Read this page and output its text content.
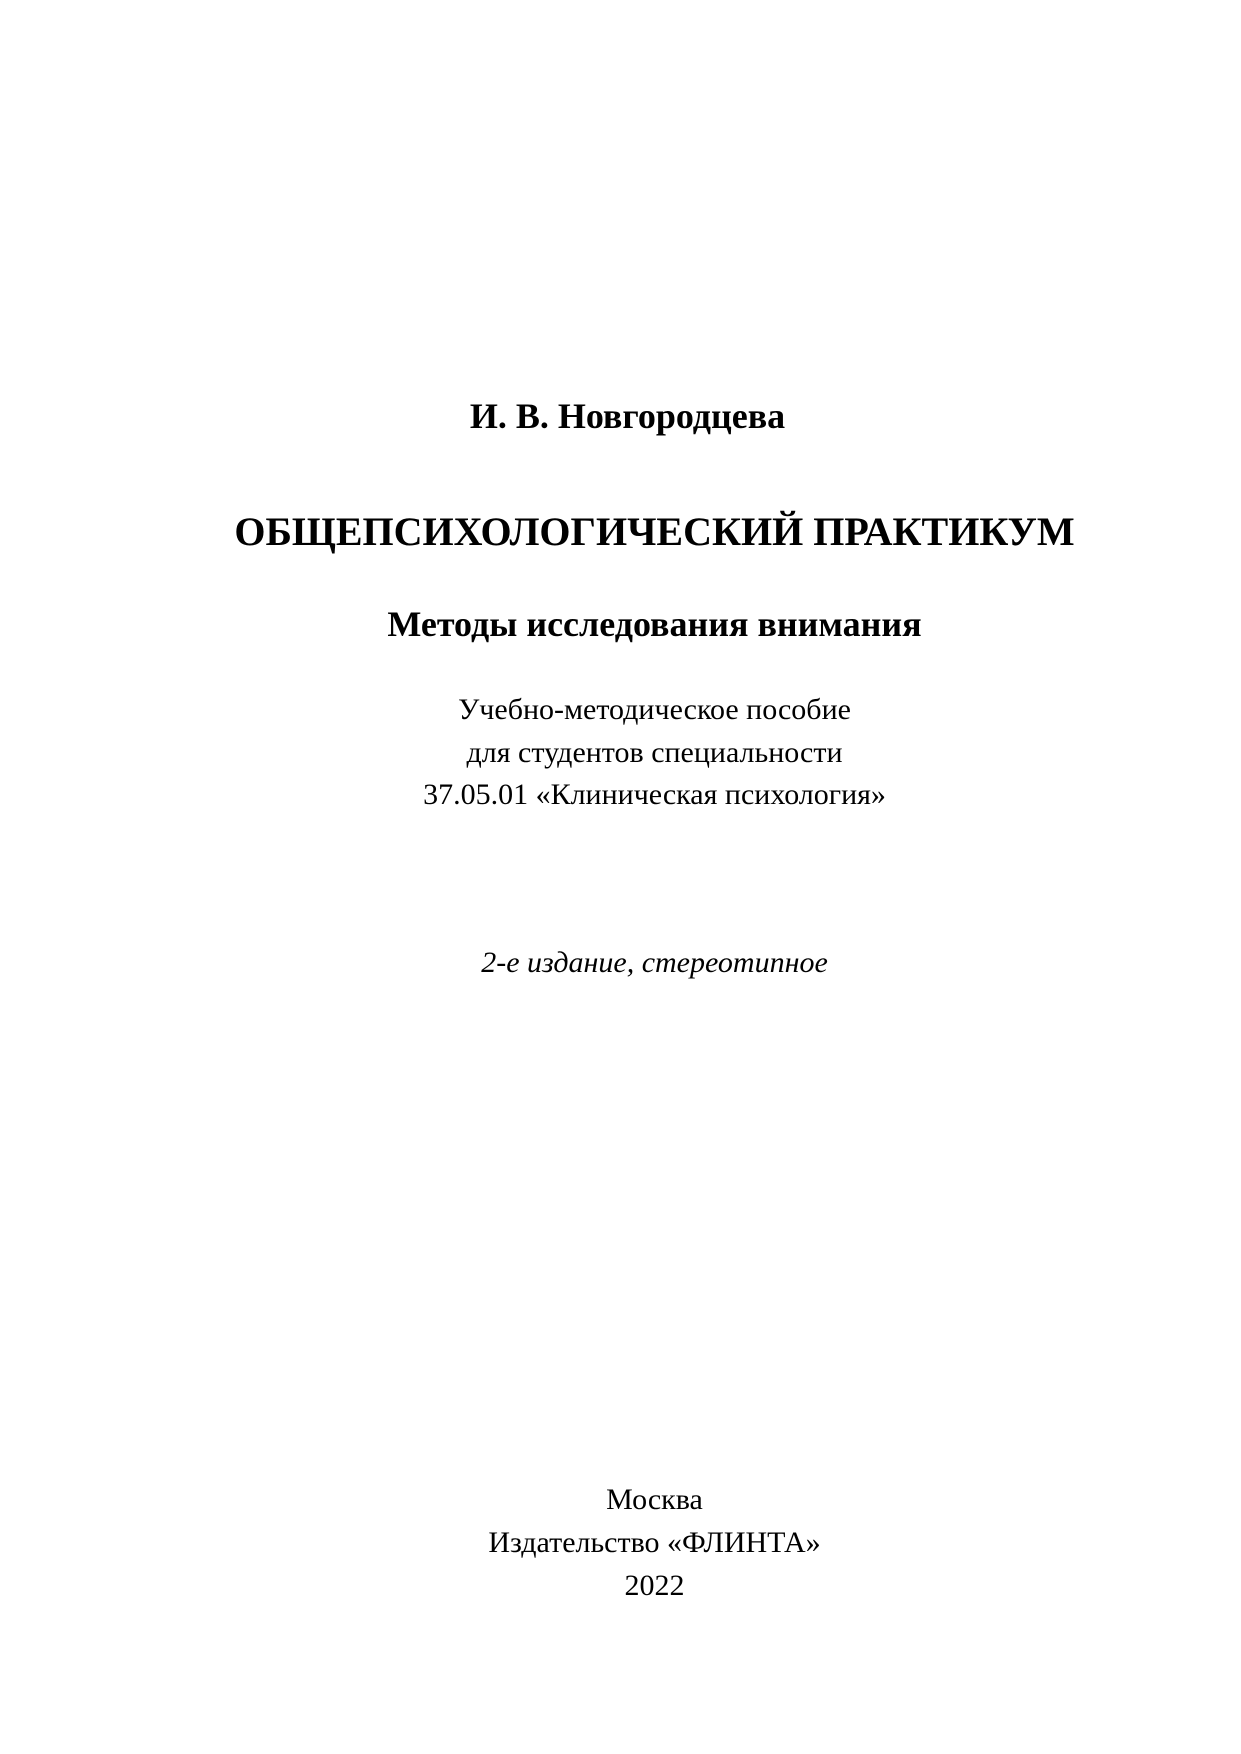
И. В. Новгородцева
ОБЩЕПСИХОЛОГИЧЕСКИЙ ПРАКТИКУМ
Методы исследования внимания
Учебно-методическое пособие
для студентов специальности
37.05.01 «Клиническая психология»
2-е издание, стереотипное
Москва
Издательство «ФЛИНТА»
2022
